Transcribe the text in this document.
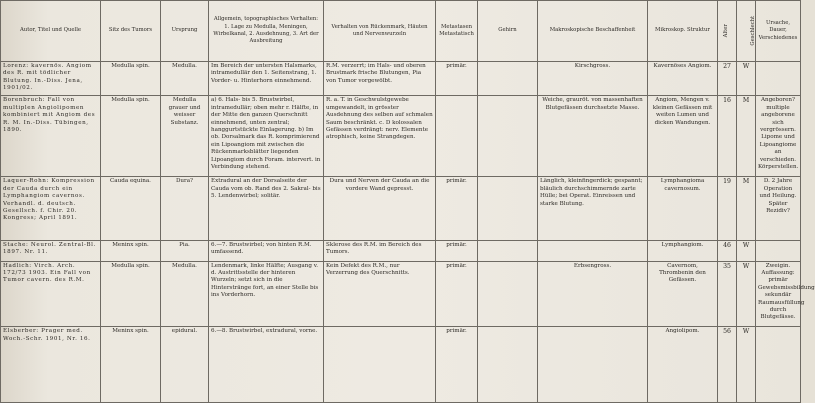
Autor, Titel und Quelle	Sitz des Tumors	Ursprung	Allgemein, topographisches Verhalten: 1. Lage zu Medulla, Meningen, Wirbelkanal, 2. Ausdehnung, 3. Art der Ausbreitung	Verhalten von Rückenmark, Häuten und Nervenwurzeln	Metastasen Metastatisch	Gehirn	Makroskopische Beschaffenheit	Mikroskop. Struktur	Alter	Geschlecht	Ursache, Dauer, Verschiedenes
Lorenz: kavernös. Angiom des R. mit tödlicher Blutung. In.-Diss. Jena, 1901/02.	Medulla spin.	Medulla.	Im Bereich der untersten Halsmarks, intramedullär den 1. Seitenstrang, 1. Vorder- u. Hinterhorn einnehmend.	R.M. verzerrt; im Hals- und oberen Brustmark frische Blutungen, Pia von Tumor vorgewölbt.	primär.		Kirschgross.	Kavernöses Angiom.	27	W	
Borenbruch: Fall von multiplen Angiolipomen kombiniert mit Angiom des R. M. In.-Diss. Tübingen, 1890.	Medulla spin.	Medulla grauer und weisser Substanz.	a) 6. Hals- bis 5. Brustwirbel, intramedullär; oben mehr r. Hälfte, in der Mitte den ganzen Querschnitt einnehmend, unten zentral; hanggurtstückte Einlagerung. b) Im ob. Dorsalmark das R. komprimierend ein Lipoangiom mit zwischen die Rückenmarksblätter liegenden Lipoangiom durch Foram. intervert. in Verbindung stehend.	R. a. T. in Geschwulstgewebe umgewandelt, in grösster Ausdehnung des selben auf schmalen Saum beschränkt. c. D kolossalen Gefässen verdrängt: nerv. Elemente atrophisch, keine Strangdegen.			Weiche, grauröt. von massenhaften Blutgefässen durchsetzte Masse.	Angiom, Mengen v. kleinen Gefässen mit weiten Lumen und dicken Wandungen.	16	M	Angeboren? multiple angeborene sich vergrössern. Lipome und Lipoangiome an verschieden. Körperstellen.
Laquer-Rohn: Kompression der Cauda durch ein Lymphangiom cavernos. Verhandl. d. deutsch. Gesellsch. f. Chir. 20. Kongress; April 1891.	Cauda equina.	Dura?	Extradural an der Dorsalseite der Cauda vom ob. Rand des 2. Sakral- bis 5. Lendenwirbel; solitär.	Dura und Nerven der Cauda an die vordere Wand gepresst.	primär.		Länglich, kleinfingerdick; gespannt; bläulich durchschimmernde zarte Hülle; bei Operat. Einreissen und starke Blutung.	Lymphangioma cavernosum.	19	M	D. 2 Jahre Operation und Heilung. Später Rezidiv?
Stache: Neurol. Zentral-Bl. 1897. Nr. 11.	Meninx spin.	Pia.	6.—7. Brustwirbel; von hinten R.M. umfassend.	Sklerose des R.M. im Bereich des Tumors.	primär.			Lymphangiom.	46	W	
Hadlich: Virch. Arch. 172/73 1903. Ein Fall von Tumor cavern. des R.M.	Medulla spin.	Medulla.	Lendenmark, linke Hälfte; Ausgang v. d. Austrittsstelle der hinteren Wurzeln; setzt sich in die Hinterstränge fort, an einer Stelle bis ins Vorderhorn.	Kein Defekt des R.M., nur Verzerrung des Querschnitts.	primär.		Erbsengross.	Cavernom, Thrombenin den Gefässen.	35	W	Zweigin. Auffassung: primär Gewebsmissbildung sekundär Raumausfüllung durch Blutgefässe.
Elsberber: Prager med. Woch.-Schr. 1901, Nr. 16.	Meninx spin.	epidural.	6.—8. Brustwirbel, extradural, vorne.		primär.			Angiolipom.	56	W	
